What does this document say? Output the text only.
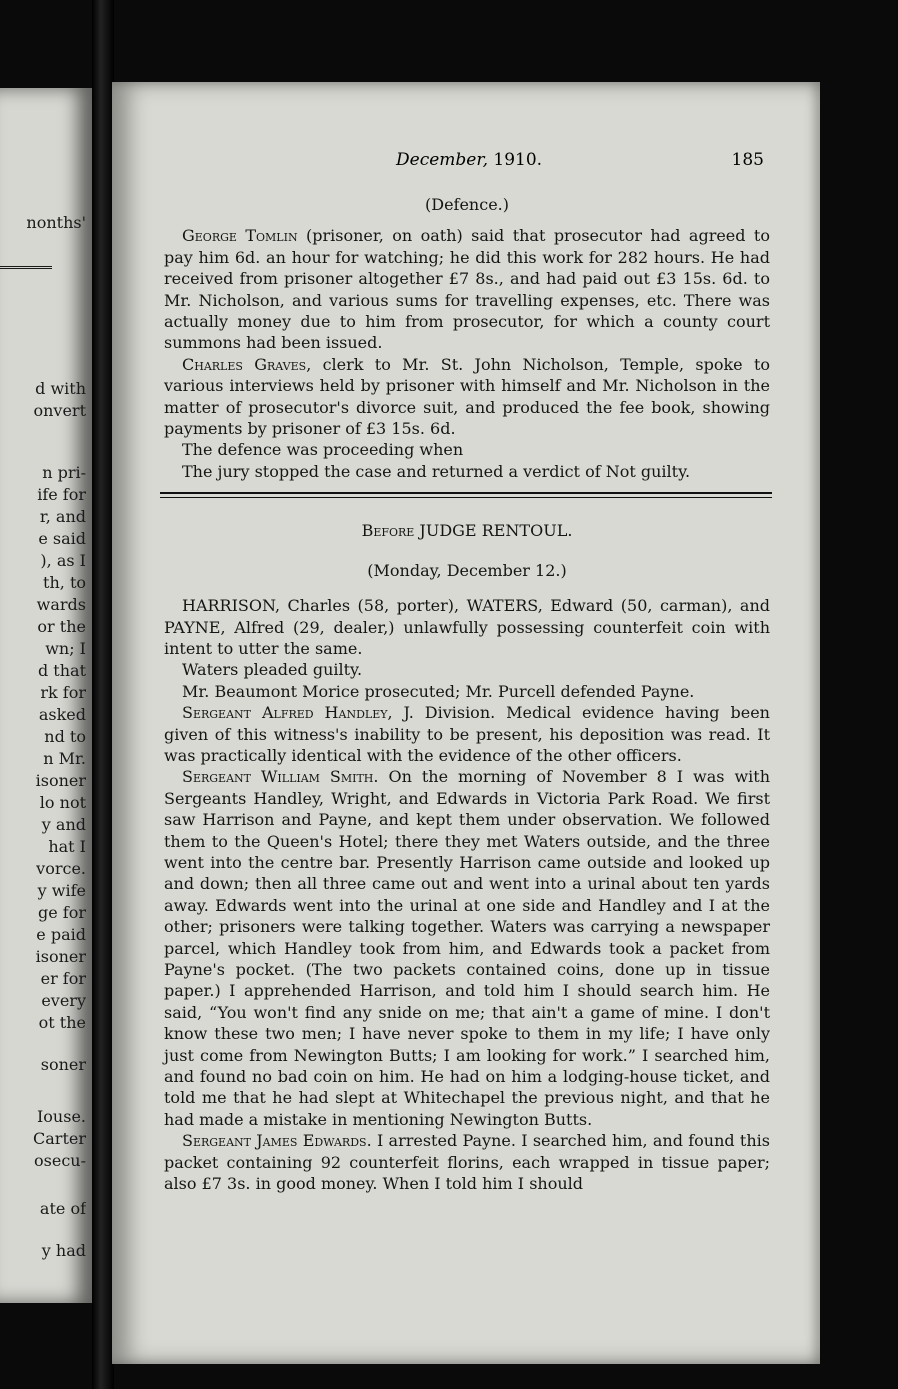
nonths'
d with
onvert
n pri-
ife for
r, and
e said
), as I
th, to
wards
or the
wn; I
d that
rk for
asked
nd to
n Mr.
isoner
lo not
y and
hat I
vorce.
y wife
ge for
e paid
isoner
er for
every
ot the
soner
Iouse.
Carter
osecu-
ate of
y had
December, 1910.	185
(Defence.)

George Tomlin (prisoner, on oath) said that prosecutor had agreed to pay him 6d. an hour for watching; he did this work for 282 hours. He had received from prisoner altogether £7 8s., and had paid out £3 15s. 6d. to Mr. Nicholson, and various sums for travelling expenses, etc. There was actually money due to him from prosecutor, for which a county court summons had been issued.

Charles Graves, clerk to Mr. St. John Nicholson, Temple, spoke to various interviews held by prisoner with himself and Mr. Nicholson in the matter of prosecutor's divorce suit, and produced the fee book, showing payments by prisoner of £3 15s. 6d.

The defence was proceeding when

The jury stopped the case and returned a verdict of Not guilty.

Before JUDGE RENTOUL.
(Monday, December 12.)

HARRISON, Charles (58, porter), WATERS, Edward (50, carman), and PAYNE, Alfred (29, dealer,) unlawfully possessing counterfeit coin with intent to utter the same.

Waters pleaded guilty.

Mr. Beaumont Morice prosecuted; Mr. Purcell defended Payne.

Sergeant Alfred Handley, J. Division. Medical evidence having been given of this witness's inability to be present, his deposition was read. It was practically identical with the evidence of the other officers.

Sergeant William Smith. On the morning of November 8 I was with Sergeants Handley, Wright, and Edwards in Victoria Park Road. We first saw Harrison and Payne, and kept them under observation. We followed them to the Queen's Hotel; there they met Waters outside, and the three went into the centre bar. Presently Harrison came outside and looked up and down; then all three came out and went into a urinal about ten yards away. Edwards went into the urinal at one side and Handley and I at the other; prisoners were talking together. Waters was carrying a newspaper parcel, which Handley took from him, and Edwards took a packet from Payne's pocket. (The two packets contained coins, done up in tissue paper.) I apprehended Harrison, and told him I should search him. He said, “You won't find any snide on me; that ain't a game of mine. I don't know these two men; I have never spoke to them in my life; I have only just come from Newington Butts; I am looking for work.” I searched him, and found no bad coin on him. He had on him a lodging-house ticket, and told me that he had slept at Whitechapel the previous night, and that he had made a mistake in mentioning Newington Butts.

Sergeant James Edwards. I arrested Payne. I searched him, and found this packet containing 92 counterfeit florins, each wrapped in tissue paper; also £7 3s. in good money. When I told him I should
